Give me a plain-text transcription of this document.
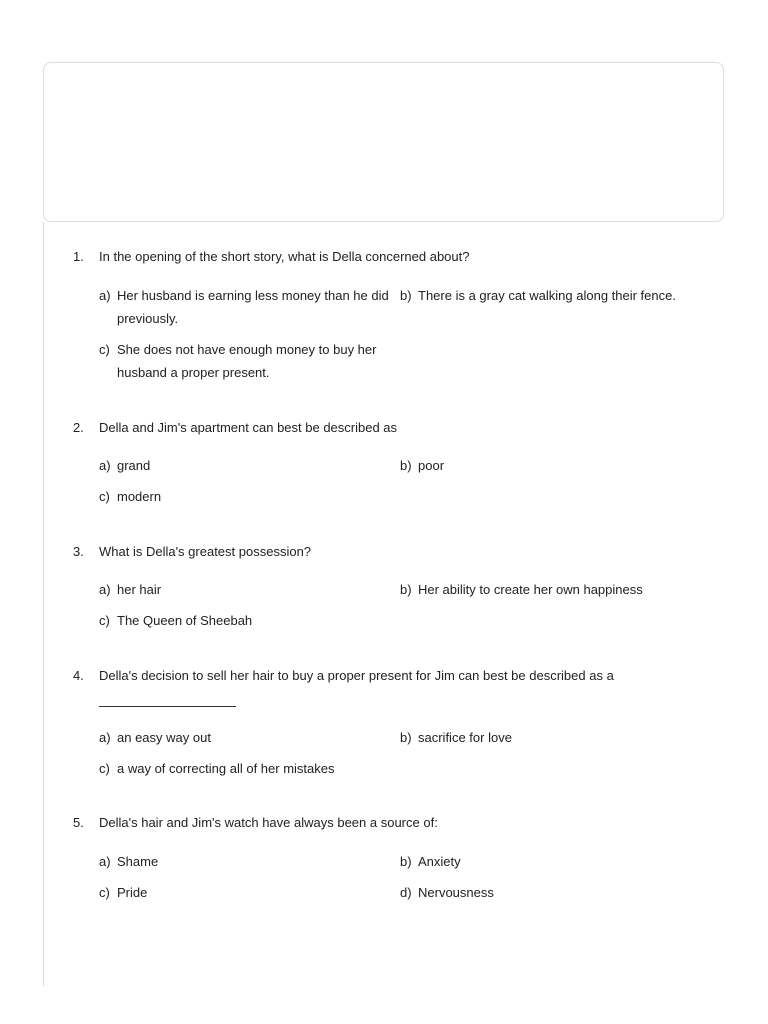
1. In the opening of the short story, what is Della concerned about?
a) Her husband is earning less money than he did
previously.
b) There is a gray cat walking along their fence.
c) She does not have enough money to buy her
husband a proper present.
2. Della and Jim's apartment can best be described as
a) grand	b) poor
c) modern
3. What is Della's greatest possession?
a) her hair	b) Her ability to create her own happiness
c) The Queen of Sheebah
4. Della's decision to sell her hair to buy a proper present for Jim can best be described as a
a) an easy way out	b) sacrifice for love
c) a way of correcting all of her mistakes
5. Della's hair and Jim's watch have always been a source of:
a) Shame	b) Anxiety
c) Pride	d) Nervousness
